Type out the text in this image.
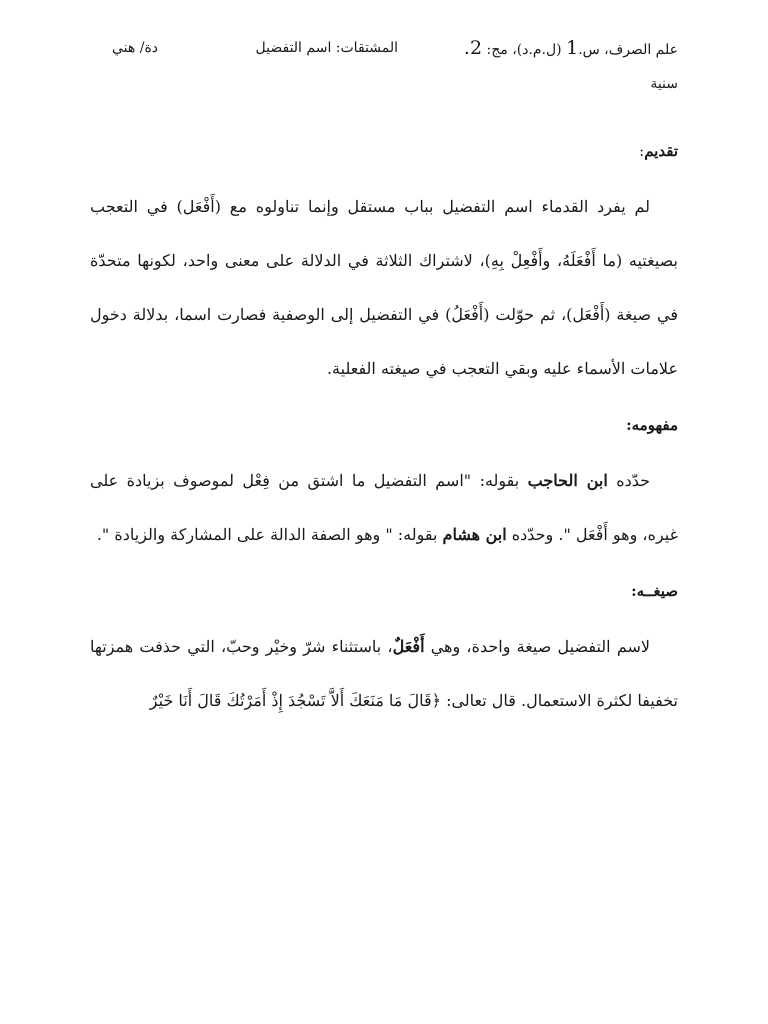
علم الصرف، س.1 (ل.م.د)، مج: 2.
المشتقات: اسم التفضيل
دة/ هني
سنية
تقديم:

لم يفرد القدماء اسم التفضيل بباب مستقل وإنما تناولوه مع (أَفْعَل) في التعجب بصيغتيه (ما أَفْعَلَهُ، وأَفْعِلْ بِهِ)، لاشتراك الثلاثة في الدلالة على معنى واحد، لكونها متحدّة في صيغة (أَفْعَل)، ثم حوّلت (أَفْعَلُ) في التفضيل إلى الوصفية فصارت اسما، بدلالة دخول علامات الأسماء عليه وبقي التعجب في صيغته الفعلية.

مفهومه:

حدّده ابن الحاجب بقوله: "اسم التفضيل ما اشتق من فِعْل لموصوف بزيادة على غيره، وهو أَفْعَل ". وحدّده ابن هشام بقوله: " وهو الصفة الدالة على المشاركة والزيادة ".

صيغــه:

لاسم التفضيل صيغة واحدة، وهي أَفْعَلٌ، باستثناء شرّ وخيْر وحبّ، التي حذفت همزتها تخفيفا لكثرة الاستعمال. قال تعالى: ﴿قَالَ مَا مَنَعَكَ أَلاَّ تَسْجُدَ إِذْ أَمَرْتُكَ قَالَ أَنَا خَيْرٌ
